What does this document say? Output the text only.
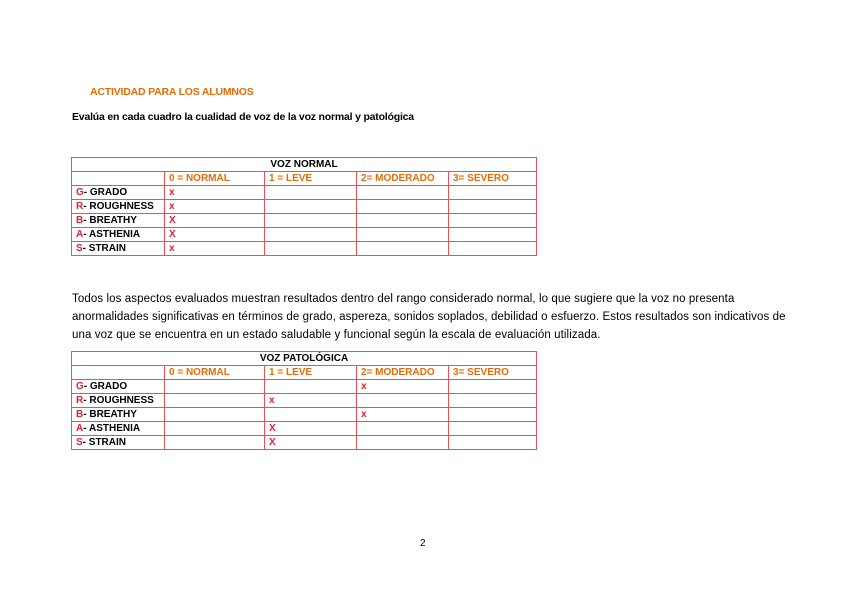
ACTIVIDAD PARA LOS ALUMNOS
Evalúa en cada cuadro la cualidad de voz de la voz normal y patológica
VOZ NORMAL				
	0 = NORMAL	1 = LEVE	2= MODERADO	3= SEVERO
G- GRADO	x			
R- ROUGHNESS	x			
B- BREATHY	X			
A- ASTHENIA	X			
S- STRAIN	x			
Todos los aspectos evaluados muestran resultados dentro del rango considerado normal, lo que sugiere que la voz no presenta anormalidades significativas en términos de grado, aspereza, sonidos soplados, debilidad o esfuerzo. Estos resultados son indicativos de una voz que se encuentra en un estado saludable y funcional según la escala de evaluación utilizada.
VOZ PATOLÓGICA				
	0 = NORMAL	1 = LEVE	2= MODERADO	3= SEVERO
G- GRADO			x	
R- ROUGHNESS		x		
B- BREATHY			x	
A- ASTHENIA		X		
S- STRAIN		X		
2
